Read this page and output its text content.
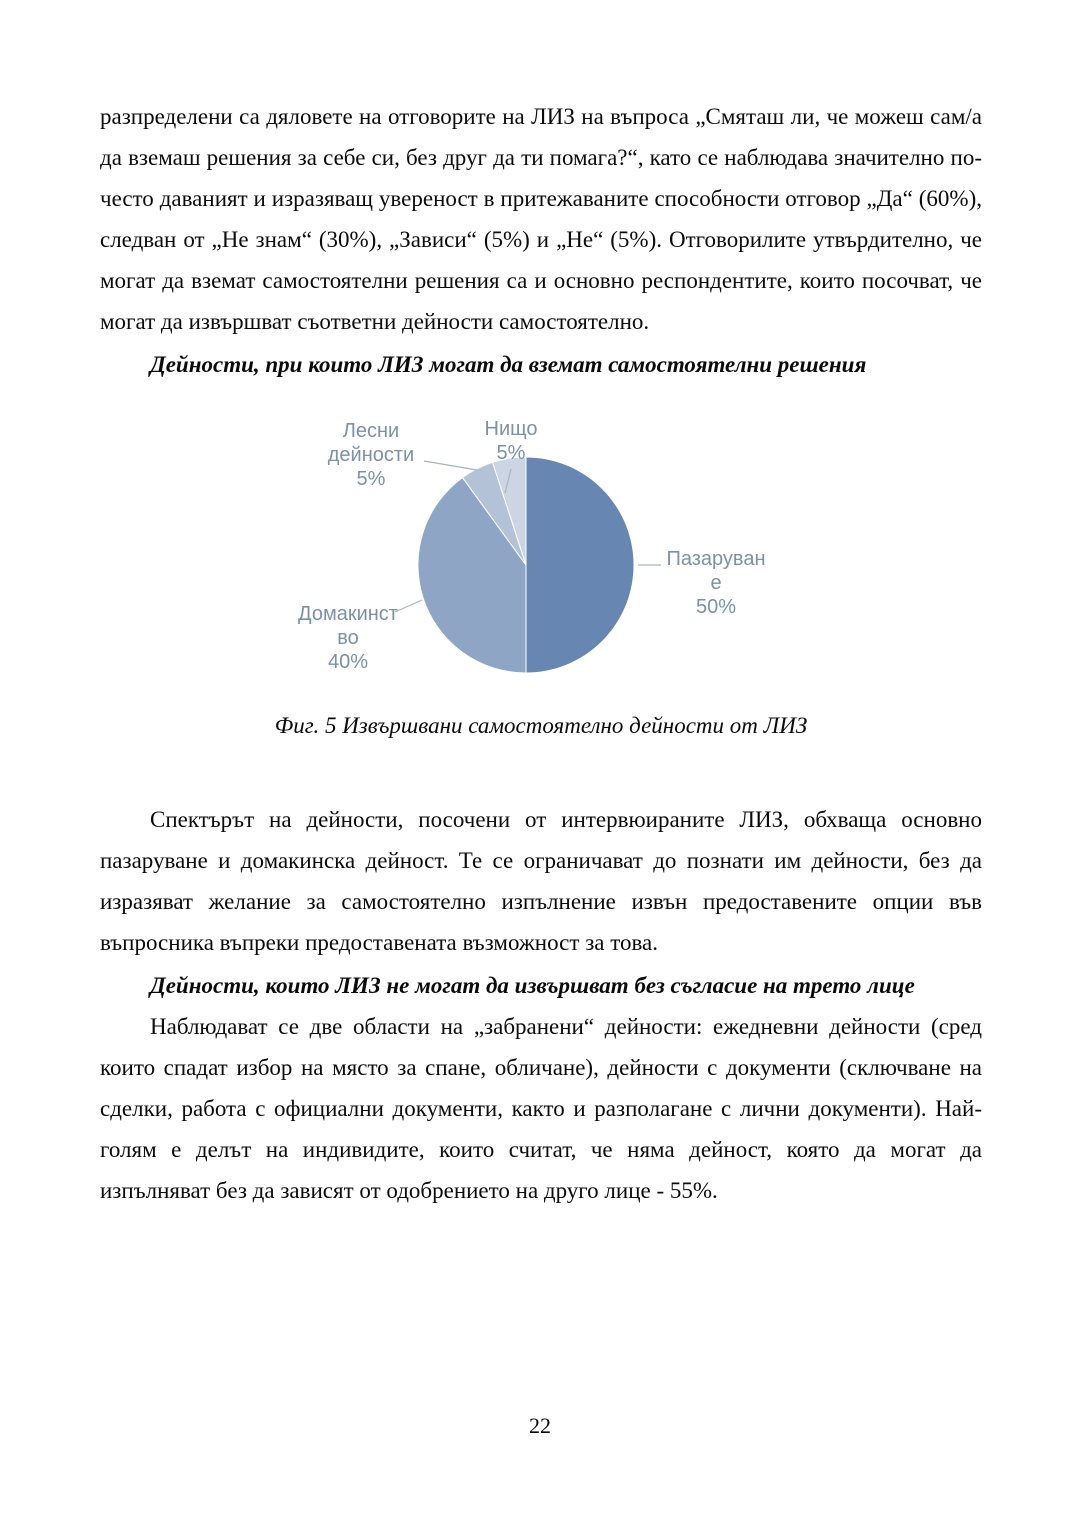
разпределени са дяловете на отговорите на ЛИЗ на въпроса „Смяташ ли, че можеш сам/а да вземаш решения за себе си, без друг да ти помага?“, като се наблюдава значително по-често даваният и изразяващ увереност в притежаваните способности отговор „Да“ (60%), следван от „Не знам“ (30%), „Зависи“ (5%) и „Не“ (5%). Отговорилите утвърдително, че могат да вземат самостоятелни решения са и основно респондентите, които посочват, че могат да извършват съответни дейности самостоятелно.

Дейности, при които ЛИЗ могат да вземат самостоятелни решения

Пазаруван е 50%
Домакинст во 40%
Лесни дейности 5%
Нищо 5%
Фиг. 5 Извършвани самостоятелно дейности от ЛИЗ

Спектърът на дейности, посочени от интервюираните ЛИЗ, обхваща основно пазаруване и домакинска дейност. Те се ограничават до познати им дейности, без да изразяват желание за самостоятелно изпълнение извън предоставените опции във въпросника въпреки предоставената възможност за това.

Дейности, които ЛИЗ не могат да извършват без съгласие на трето лице

Наблюдават се две области на „забранени“ дейности: ежедневни дейности (сред които спадат избор на място за спане, обличане), дейности с документи (сключване на сделки, работа с официални документи, както и разполагане с лични документи). Най-голям е делът на индивидите, които считат, че няма дейност, която да могат да изпълняват без да зависят от одобрението на друго лице - 55%.

22
